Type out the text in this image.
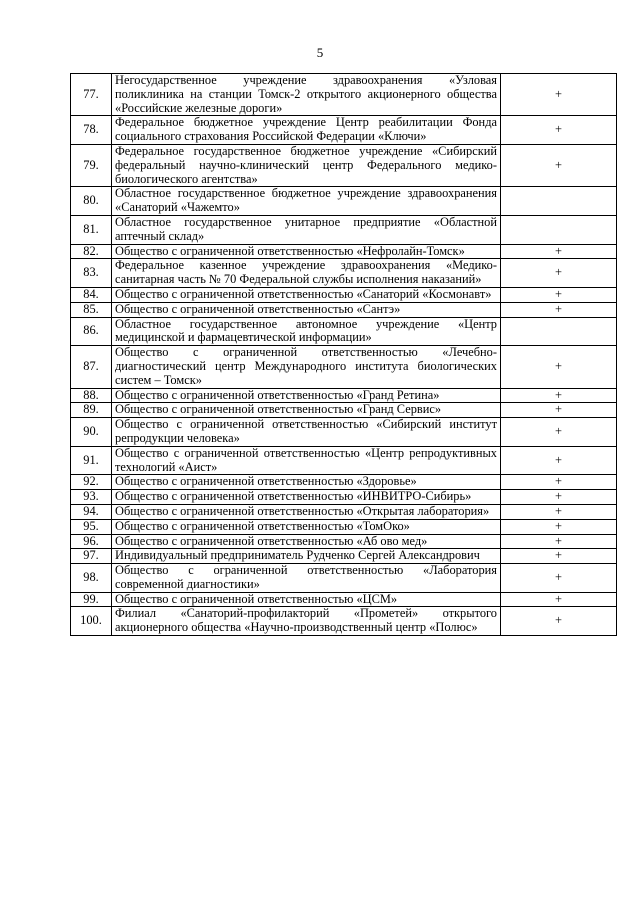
5
77.	Негосударственное учреждение здравоохранения «Узловая поликлиника на станции Томск-2 открытого акционерного общества «Российские железные дороги»	+
78.	Федеральное бюджетное учреждение Центр реабилитации Фонда социального страхования Российской Федерации «Ключи»	+
79.	Федеральное государственное бюджетное учреждение «Сибирский федеральный научно-клинический центр Федерального медико-биологического агентства»	+
80.	Областное государственное бюджетное учреждение здравоохранения «Санаторий «Чажемто»	
81.	Областное государственное унитарное предприятие «Областной аптечный склад»	
82.	Общество с ограниченной ответственностью «Нефролайн-Томск»	+
83.	Федеральное казенное учреждение здравоохранения «Медико-санитарная часть № 70 Федеральной службы исполнения наказаний»	+
84.	Общество с ограниченной ответственностью «Санаторий «Космонавт»	+
85.	Общество с ограниченной ответственностью «Сантэ»	+
86.	Областное государственное автономное учреждение «Центр медицинской и фармацевтической информации»	
87.	Общество с ограниченной ответственностью «Лечебно-диагностический центр Международного института биологических систем – Томск»	+
88.	Общество с ограниченной ответственностью «Гранд Ретина»	+
89.	Общество с ограниченной ответственностью «Гранд Сервис»	+
90.	Общество с ограниченной ответственностью «Сибирский институт репродукции человека»	+
91.	Общество с ограниченной ответственностью «Центр репродуктивных технологий «Аист»	+
92.	Общество с ограниченной ответственностью «Здоровье»	+
93.	Общество с ограниченной ответственностью «ИНВИТРО-Сибирь»	+
94.	Общество с ограниченной ответственностью «Открытая лаборатория»	+
95.	Общество с ограниченной ответственностью «ТомОко»	+
96.	Общество с ограниченной ответственностью «Аб ово мед»	+
97.	Индивидуальный предприниматель Рудченко Сергей Александрович	+
98.	Общество с ограниченной ответственностью «Лаборатория современной диагностики»	+
99.	Общество с ограниченной ответственностью «ЦСМ»	+
100.	Филиал «Санаторий-профилакторий «Прометей» открытого акционерного общества «Научно-производственный центр «Полюс»	+
